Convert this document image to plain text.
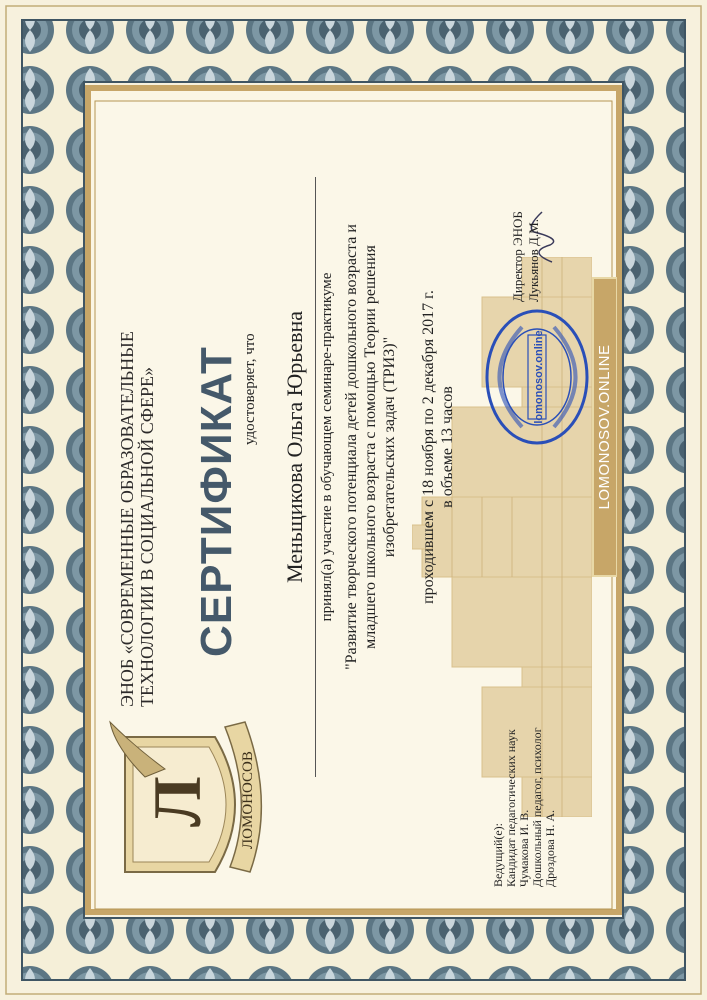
Л ЛОМОНОСОВ
ЭНОБ «СОВРЕМЕННЫЕ ОБРАЗОВАТЕЛЬНЫЕ ТЕХНОЛОГИИ В СОЦИАЛЬНОЙ СФЕРЕ» СЕРТИФИКАТ удостоверяет, что Меньщикова Ольга Юрьевна принял(а) участие в обучающем семинаре-практикуме "Развитие творческого потенциала детей дошкольного возраста и младшего школьного возраста с помощью Теории решения изобретательских задач (ТРИЗ)" проходившем с 18 ноября по 2 декабря 2017 г. в объеме 13 часов
Ведущий(е): Кандидат педагогических наук Чумакова И. В. Дошкольный педагог, психолог Дроздова Н. А.
lomonosov.online
Директор ЭНОБ Лукьянов Д.М.
LOMONOSOV.ONLINE
